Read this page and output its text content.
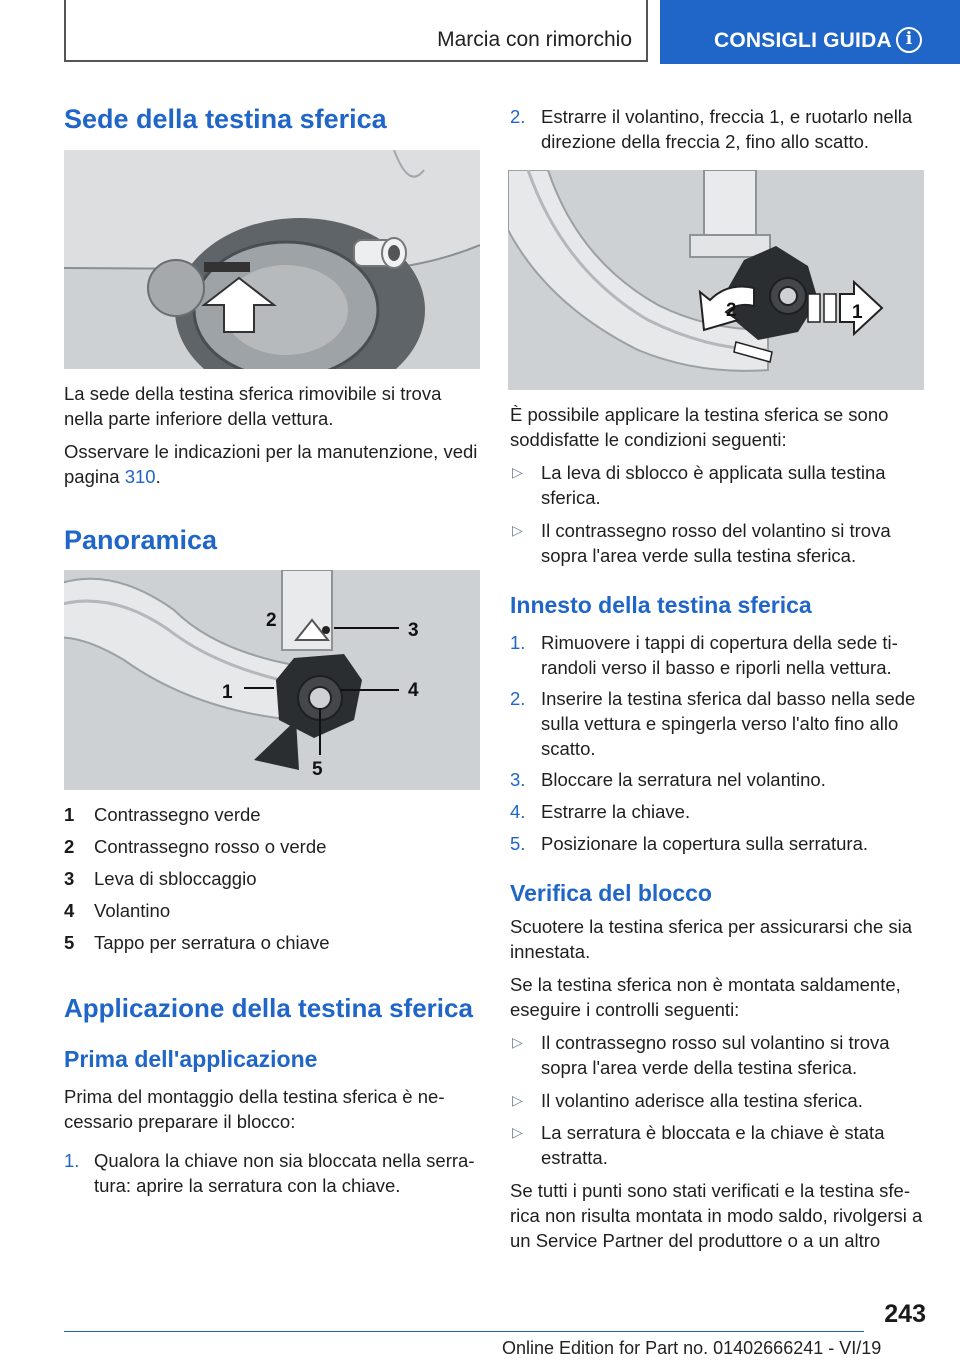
Marcia con rimorchio	CONSIGLI GUIDA i
Sede della testina sferica
La sede della testina sferica rimovibile si trova nella parte inferiore della vettura.
Osservare le indicazioni per la manutenzione, vedi pagina 310.
Panoramica
2	3
4
1
5
1 Contrassegno verde
2 Contrassegno rosso o verde
3 Leva di sbloccaggio
4 Volantino
5 Tappo per serratura o chiave
Applicazione della testina sferica
Prima dell'applicazione
Prima del montaggio della testina sferica è ne-cessario preparare il blocco:
1. Qualora la chiave non sia bloccata nella serra-tura: aprire la serratura con la chiave.
2. Estrarre il volantino, freccia 1, e ruotarlo nella direzione della freccia 2, fino allo scatto.
1
2
È possibile applicare la testina sferica se sono soddisfatte le condizioni seguenti:
▷ La leva di sblocco è applicata sulla testina sferica.
▷ Il contrassegno rosso del volantino si trova sopra l'area verde sulla testina sferica.
Innesto della testina sferica
1. Rimuovere i tappi di copertura della sede ti-randoli verso il basso e riporli nella vettura.
2. Inserire la testina sferica dal basso nella sede sulla vettura e spingerla verso l'alto fino allo scatto.
3. Bloccare la serratura nel volantino.
4. Estrarre la chiave.
5. Posizionare la copertura sulla serratura.
Verifica del blocco
Scuotere la testina sferica per assicurarsi che sia innestata.
Se la testina sferica non è montata saldamente, eseguire i controlli seguenti:
▷ Il contrassegno rosso sul volantino si trova sopra l'area verde della testina sferica.
▷ Il volantino aderisce alla testina sferica.
▷ La serratura è bloccata e la chiave è stata estratta.
Se tutti i punti sono stati verificati e la testina sfe-rica non risulta montata in modo saldo, rivolgersi a un Service Partner del produttore o a un altro
243
Online Edition for Part no. 01402666241 - VI/19
